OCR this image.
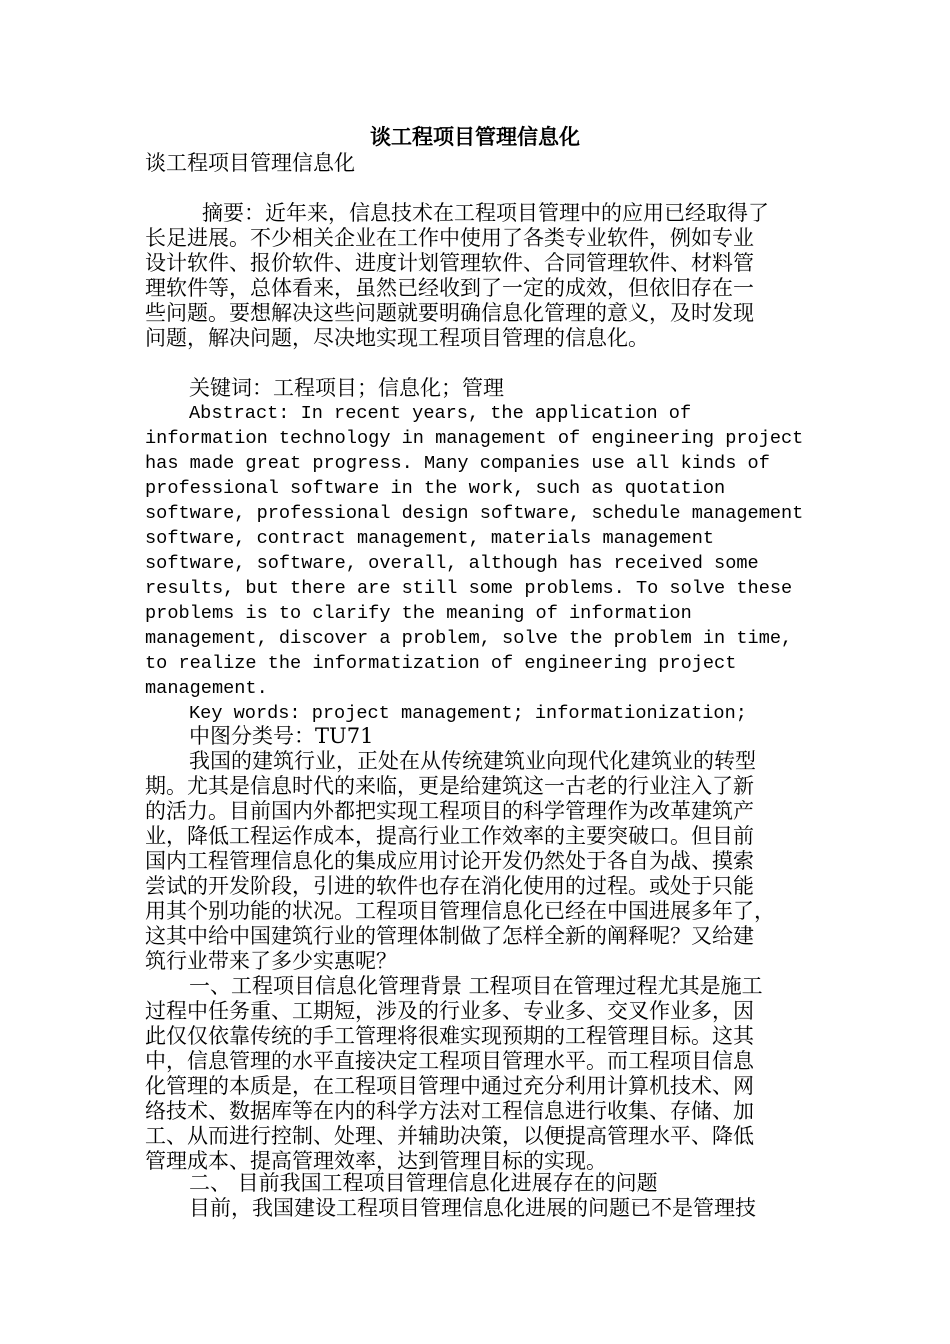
谈工程项目管理信息化
谈工程项目管理信息化
摘要：近年来，信息技术在工程项目管理中的应用已经取得了
长足进展。不少相关企业在工作中使用了各类专业软件，例如专业
设计软件、报价软件、进度计划管理软件、合同管理软件、材料管
理软件等，总体看来，虽然已经收到了一定的成效，但依旧存在一
些问题。要想解决这些问题就要明确信息化管理的意义，及时发现
问题，解决问题，尽决地实现工程项目管理的信息化。
关键词：工程项目；信息化；管理
Abstract: In recent years, the application of
information technology in management of engineering project
has made great progress. Many companies use all kinds of
professional software in the work, such as quotation
software, professional design software, schedule management
software, contract management, materials management
software, software, overall, although has received some
results, but there are still some problems. To solve these
problems is to clarify the meaning of information
management, discover a problem, solve the problem in time,
to realize the informatization of engineering project
management.
Key words: project management; informationization;
中图分类号：TU71
我国的建筑行业，正处在从传统建筑业向现代化建筑业的转型
期。尤其是信息时代的来临，更是给建筑这一古老的行业注入了新
的活力。目前国内外都把实现工程项目的科学管理作为改革建筑产
业，降低工程运作成本，提高行业工作效率的主要突破口。但目前
国内工程管理信息化的集成应用讨论开发仍然处于各自为战、摸索
尝试的开发阶段，引进的软件也存在消化使用的过程。或处于只能
用其个别功能的状况。工程项目管理信息化已经在中国进展多年了，
这其中给中国建筑行业的管理体制做了怎样全新的阐释呢？又给建
筑行业带来了多少实惠呢？
一、工程项目信息化管理背景 工程项目在管理过程尤其是施工
过程中任务重、工期短，涉及的行业多、专业多、交叉作业多，因
此仅仅依靠传统的手工管理将很难实现预期的工程管理目标。这其
中，信息管理的水平直接决定工程项目管理水平。而工程项目信息
化管理的本质是，在工程项目管理中通过充分利用计算机技术、网
络技术、数据库等在内的科学方法对工程信息进行收集、存储、加
工、从而进行控制、处理、并辅助决策，以便提高管理水平、降低
管理成本、提高管理效率，达到管理目标的实现。
二、 目前我国工程项目管理信息化进展存在的问题
目前，我国建设工程项目管理信息化进展的问题已不是管理技
